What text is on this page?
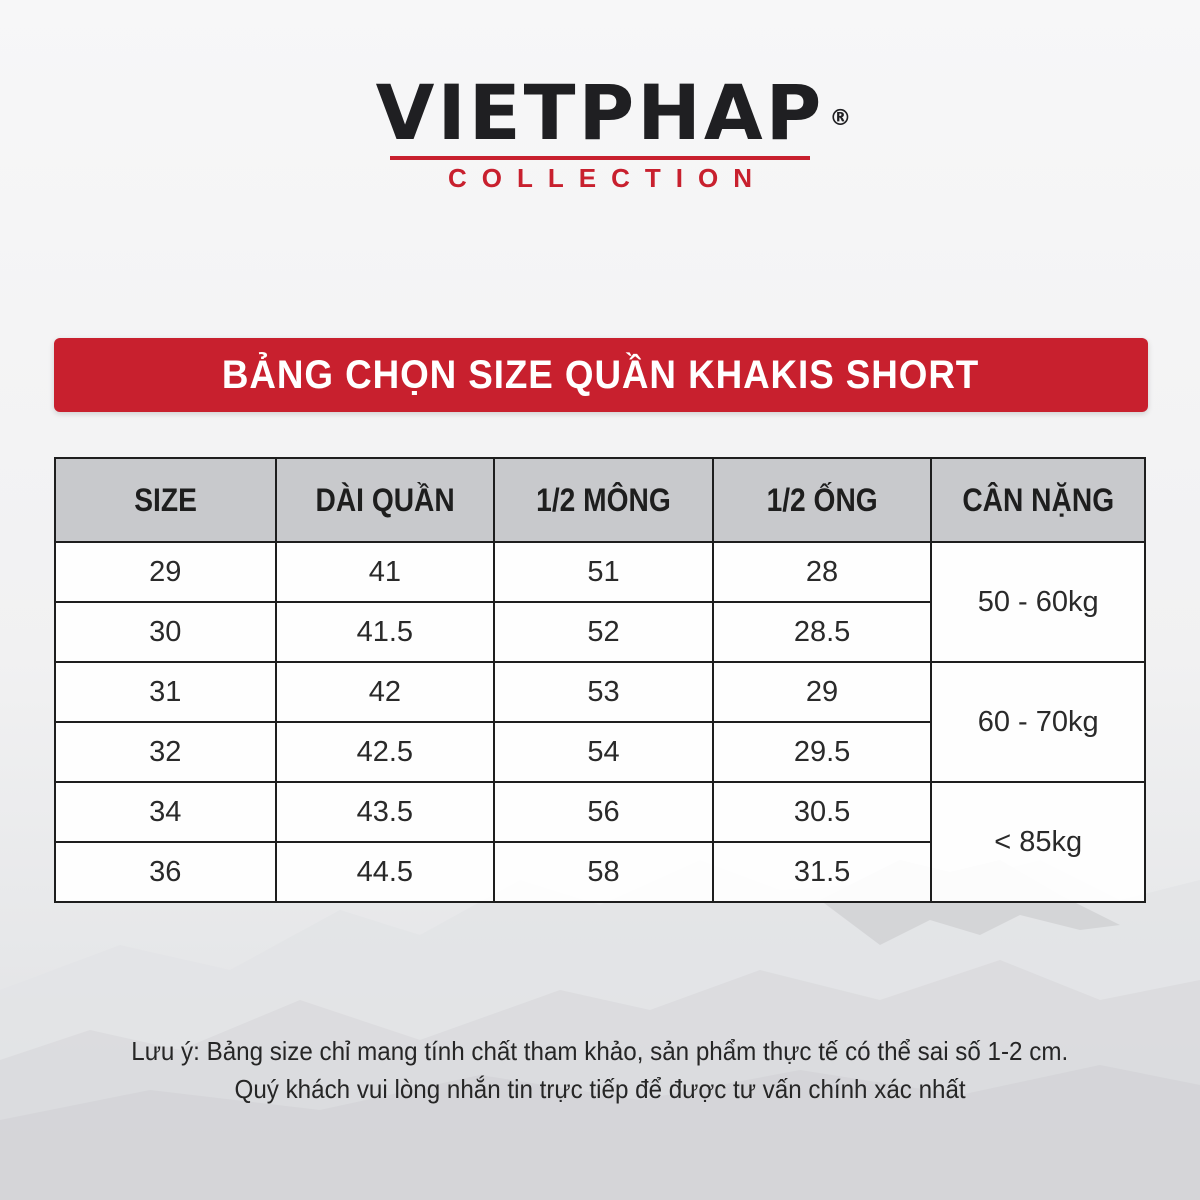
VIETPHAP ®
COLLECTION
BẢNG CHỌN SIZE QUẦN KHAKIS SHORT
SIZE	DÀI QUẦN	1/2 MÔNG	1/2 ỐNG	CÂN NẶNG
29	41	51	28	50 - 60kg
30	41.5	52	28.5	
31	42	53	29	60 - 70kg
32	42.5	54	29.5	
34	43.5	56	30.5	< 85kg
36	44.5	58	31.5	
Lưu ý: Bảng size chỉ mang tính chất tham khảo, sản phẩm thực tế có thể sai số 1-2 cm.
Quý khách vui lòng nhắn tin trực tiếp để được tư vấn chính xác nhất
